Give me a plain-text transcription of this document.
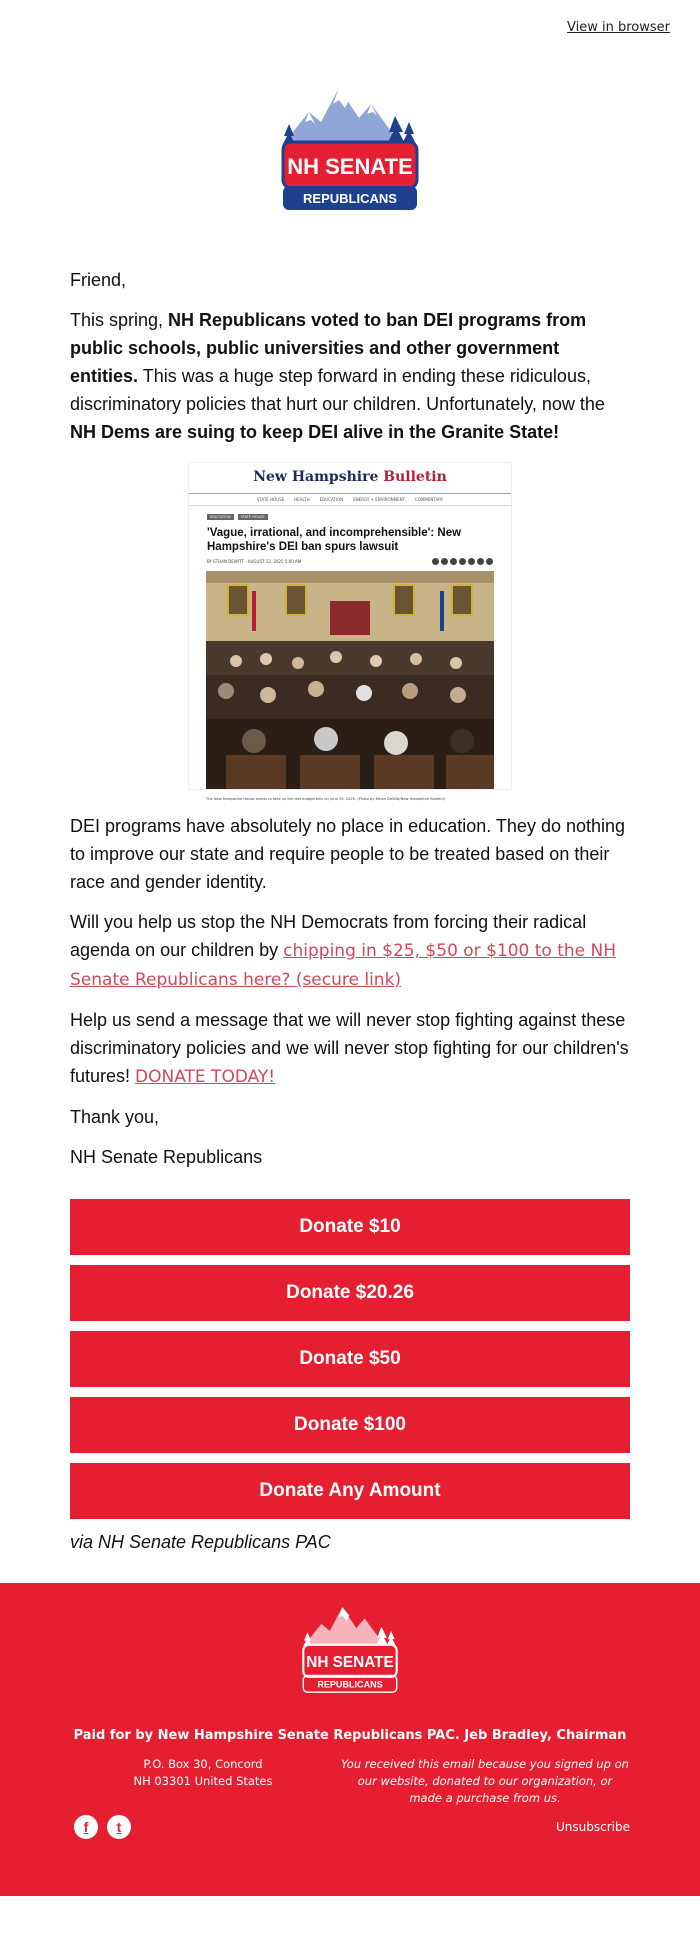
View in browser
NH SENATE
REPUBLICANS

Friend,

This spring, NH Republicans voted to ban DEI programs from public schools, public universities and other government entities. This was a huge step forward in ending these ridiculous, discriminatory policies that hurt our children. Unfortunately, now the NH Dems are suing to keep DEI alive in the Granite State!

New Hampshire Bulletin
STATE HOUSE	HEALTH	EDUCATION	ENERGY + ENVIRONMENT	COMMENTARY
EDUCATION	STATE HOUSE
'Vague, irrational, and incomprehensible': New Hampshire's DEI ban spurs lawsuit
BY ETHAN DEWITT - AUGUST 12, 2025 5:00 AM
The New Hampshire House meets to take up the last budget bills on June 26, 2025. (Photo by Ethan DeWitt/New Hampshire Bulletin)

DEI programs have absolutely no place in education. They do nothing to improve our state and require people to be treated based on their race and gender identity.

Will you help us stop the NH Democrats from forcing their radical agenda on our children by chipping in $25, $50 or $100 to the NH Senate Republicans here? (secure link)

Help us send a message that we will never stop fighting against these discriminatory policies and we will never stop fighting for our children's futures! DONATE TODAY!

Thank you,

NH Senate Republicans

Donate $10
Donate $20.26
Donate $50
Donate $100
Donate Any Amount
via NH Senate Republicans PAC
NH SENATE
REPUBLICANS
Paid for by New Hampshire Senate Republicans PAC. Jeb Bradley, Chairman
P.O. Box 30, Concord
NH 03301 United States
You received this email because you signed up on our website, donated to our organization, or made a purchase from us.
f	t	Unsubscribe
